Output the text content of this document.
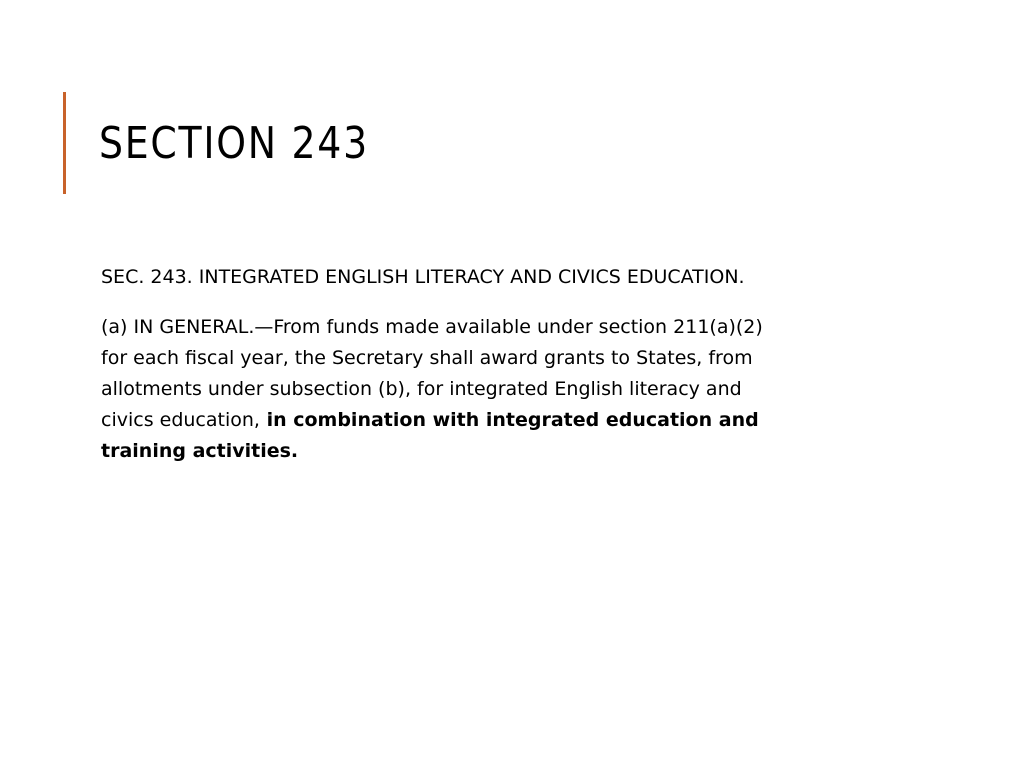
SECTION 243

SEC. 243. INTEGRATED ENGLISH LITERACY AND CIVICS EDUCATION.

(a) IN GENERAL.—From funds made available under section 211(a)(2)
for each fiscal year, the Secretary shall award grants to States, from
allotments under subsection (b), for integrated English literacy and
civics education, in combination with integrated education and
training activities.
